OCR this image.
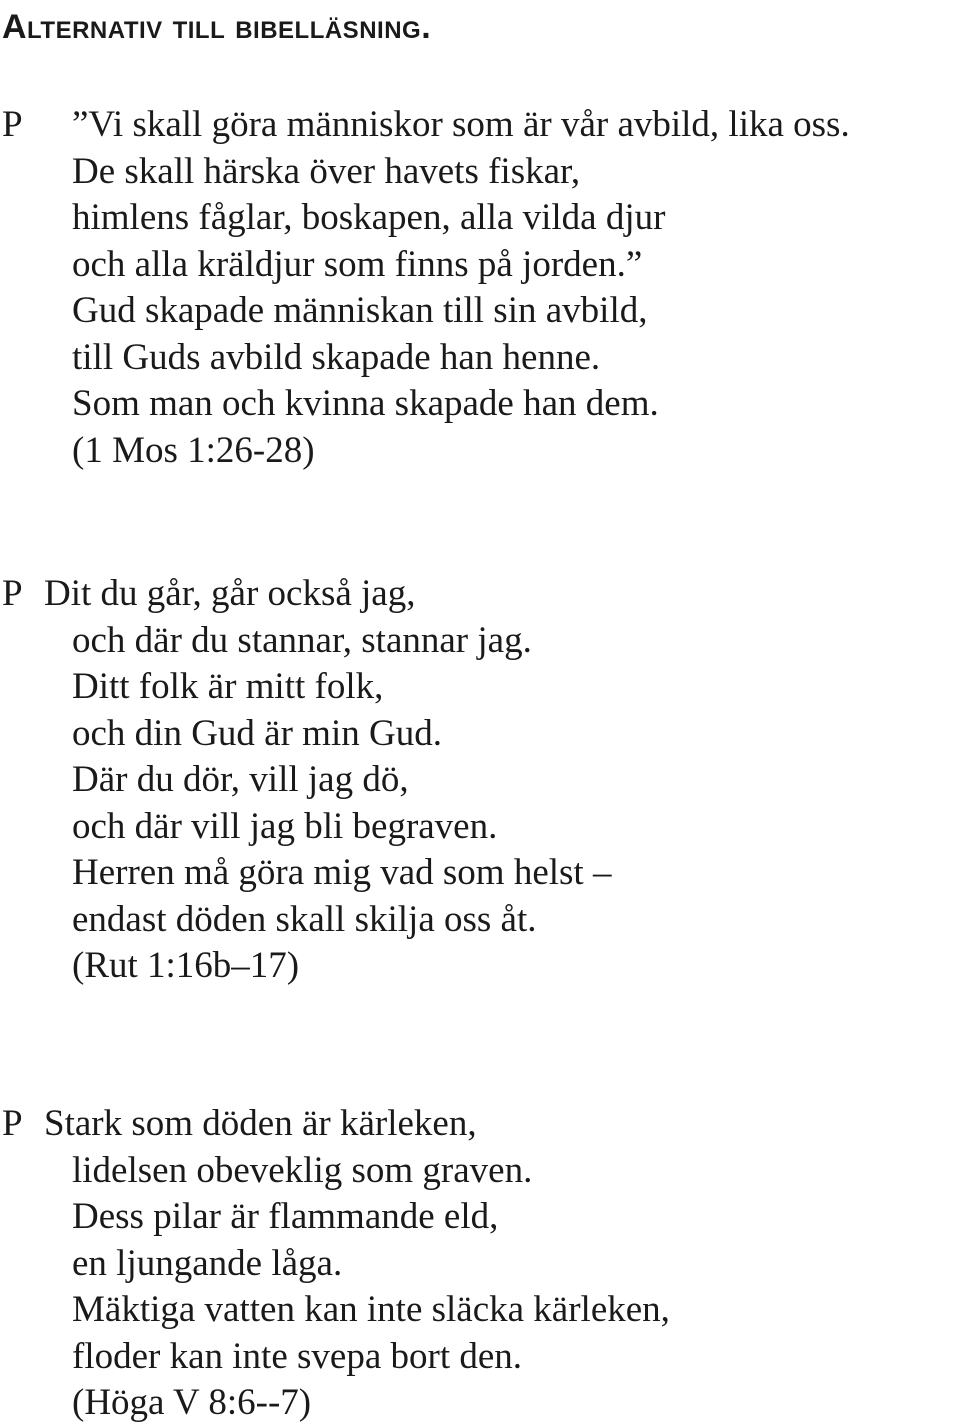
Alternativ till bibelläsning.
P ”Vi skall göra människor som är vår avbild, lika oss.
De skall härska över havets fiskar,
himlens fåglar, boskapen, alla vilda djur
och alla kräldjur som finns på jorden.”
Gud skapade människan till sin avbild,
till Guds avbild skapade han henne.
Som man och kvinna skapade han dem.
(1 Mos 1:26-28)
P Dit du går, går också jag,
och där du stannar, stannar jag.
Ditt folk är mitt folk,
och din Gud är min Gud.
Där du dör, vill jag dö,
och där vill jag bli begraven.
Herren må göra mig vad som helst –
endast döden skall skilja oss åt.
(Rut 1:16b–17)
P Stark som döden är kärleken,
lidelsen obeveklig som graven.
Dess pilar är flammande eld,
en ljungande låga.
Mäktiga vatten kan inte släcka kärleken,
floder kan inte svepa bort den.
(Höga V 8:6--7)
